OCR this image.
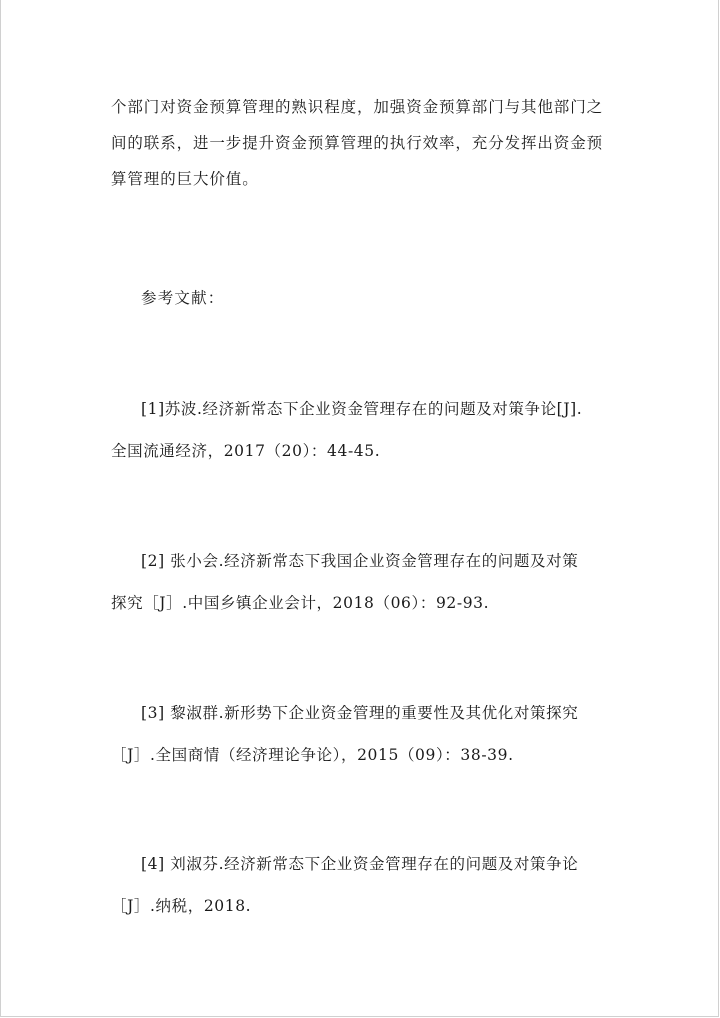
个部门对资金预算管理的熟识程度，加强资金预算部门与其他部门之
间的联系，进一步提升资金预算管理的执行效率，充分发挥出资金预
算管理的巨大价值。

参考文献：

[1]苏波.经济新常态下企业资金管理存在的问题及对策争论[J].
全国流通经济，2017（20）：44-45.

[2] 张小会.经济新常态下我国企业资金管理存在的问题及对策
探究［J］.中国乡镇企业会计，2018（06）：92-93.

[3] 黎淑群.新形势下企业资金管理的重要性及其优化对策探究
［J］.全国商情（经济理论争论），2015（09）：38-39.

[4] 刘淑芬.经济新常态下企业资金管理存在的问题及对策争论
［J］.纳税，2018.
